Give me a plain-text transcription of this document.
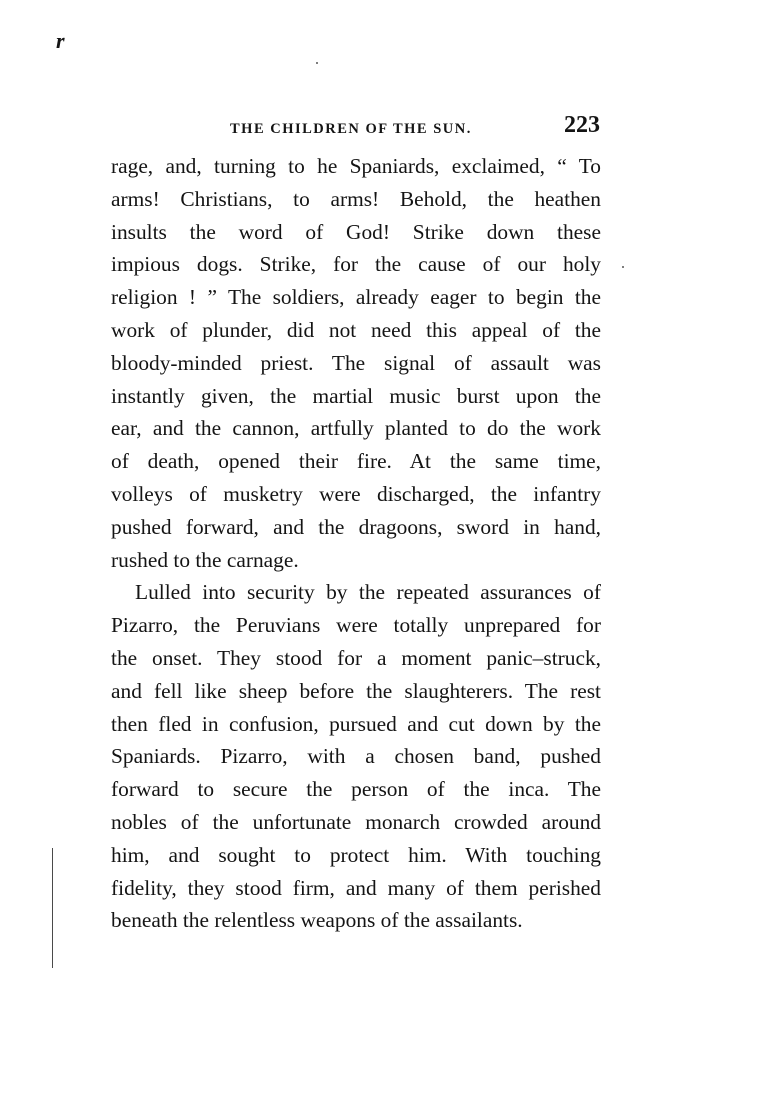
r
THE CHILDREN OF THE SUN.	223
rage, and, turning to he Spaniards, exclaimed, “ To
arms! Christians, to arms! Behold, the heathen
insults the word of God! Strike down these
impious dogs. Strike, for the cause of our holy
religion ! ” The soldiers, already eager to begin the
work of plunder, did not need this appeal of the
bloody-minded priest. The signal of assault was
instantly given, the martial music burst upon the
ear, and the cannon, artfully planted to do the work
of death, opened their fire. At the same time,
volleys of musketry were discharged, the infantry
pushed forward, and the dragoons, sword in hand,
rushed to the carnage.
Lulled into security by the repeated assurances of
Pizarro, the Peruvians were totally unprepared for
the onset. They stood for a moment panic–struck,
and fell like sheep before the slaughterers. The rest
then fled in confusion, pursued and cut down by the
Spaniards. Pizarro, with a chosen band, pushed
forward to secure the person of the inca. The
nobles of the unfortunate monarch crowded around
him, and sought to protect him. With touching
fidelity, they stood firm, and many of them perished
beneath the relentless weapons of the assailants.
